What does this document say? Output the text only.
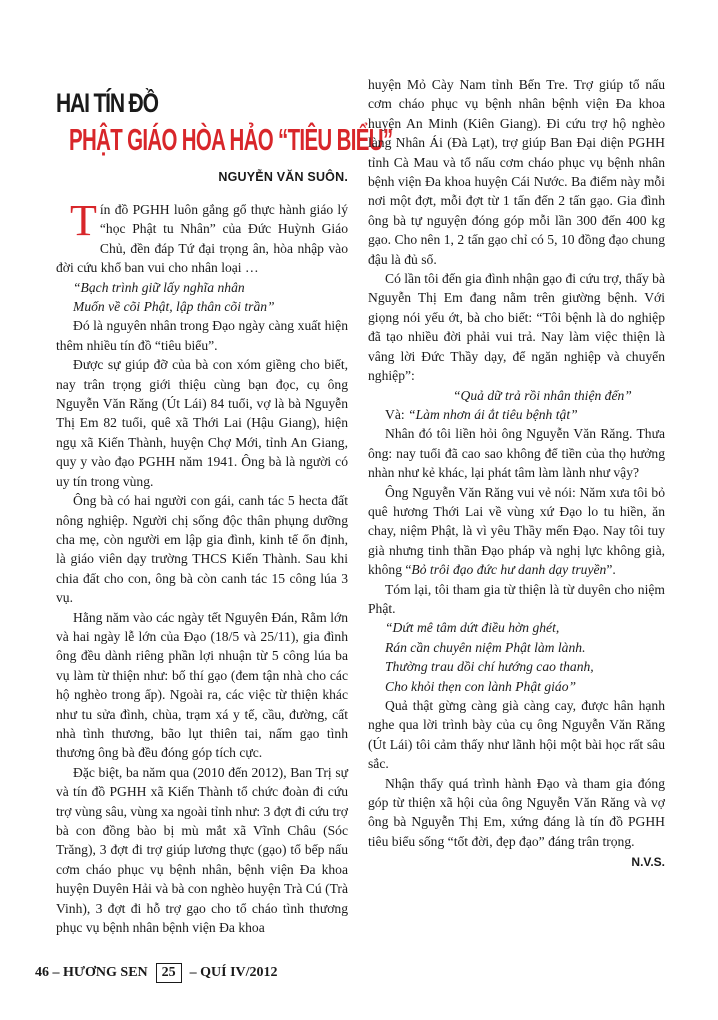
HAI TÍN ĐỒ
PHẬT GIÁO HÒA HẢO “TIÊU BIỂU”
NGUYỄN VĂN SUÔN.
T ín đồ PGHH luôn gắng gổ thực hành giáo lý “học Phật tu Nhân” của Đức Huỳnh Giáo Chủ, đền đáp Tứ đại trọng ân, hòa nhập vào đời cứu khổ ban vui cho nhân loại …

“Bạch trình giữ lấy nghĩa nhân

Muốn về cõi Phật, lập thân cõi trần”

Đó là nguyên nhân trong Đạo ngày càng xuất hiện thêm nhiều tín đồ “tiêu biểu”.

Được sự giúp đỡ của bà con xóm giềng cho biết, nay trân trọng giới thiệu cùng bạn đọc, cụ ông Nguyễn Văn Răng (Út Lái) 84 tuổi, vợ là bà Nguyễn Thị Em 82 tuổi, quê xã Thới Lai (Hậu Giang), hiện ngụ xã Kiến Thành, huyện Chợ Mới, tỉnh An Giang, quy y vào đạo PGHH năm 1941. Ông bà là người có uy tín trong vùng.

Ông bà có hai người con gái, canh tác 5 hecta đất nông nghiệp. Người chị sống độc thân phụng dưỡng cha mẹ, còn người em lập gia đình, kinh tế ổn định, là giáo viên dạy trường THCS Kiến Thành. Sau khi chia đất cho con, ông bà còn canh tác 15 công lúa 3 vụ.

Hằng năm vào các ngày tết Nguyên Đán, Rằm lớn và hai ngày lễ lớn của Đạo (18/5 và 25/11), gia đình ông đều dành riêng phần lợi nhuận từ 5 công lúa ba vụ làm từ thiện như: bố thí gạo (đem tận nhà cho các hộ nghèo trong ấp). Ngoài ra, các việc từ thiện khác như tu sửa đình, chùa, trạm xá y tế, cầu, đường, cất nhà tình thương, bão lụt thiên tai, nấm gạo tình thương ông bà đều đóng góp tích cực.

Đặc biệt, ba năm qua (2010 đến 2012), Ban Trị sự và tín đồ PGHH xã Kiến Thành tổ chức đoàn đi cứu trợ vùng sâu, vùng xa ngoài tỉnh như: 3 đợt đi cứu trợ bà con đồng bào bị mù mắt xã Vĩnh Châu (Sóc Trăng), 3 đợt đi trợ giúp lương thực (gạo) tổ bếp nấu cơm cháo phục vụ bệnh nhân, bệnh viện Đa khoa huyện Duyên Hải và bà con nghèo huyện Trà Cú (Trà Vinh), 3 đợt đi hỗ trợ gạo cho tổ cháo tình thương phục vụ bệnh nhân bệnh viện Đa khoa

huyện Mỏ Cày Nam tỉnh Bến Tre. Trợ giúp tổ nấu cơm cháo phục vụ bệnh nhân bệnh viện Đa khoa huyện An Minh (Kiên Giang). Đi cứu trợ hộ nghèo làng Nhân Ái (Đà Lạt), trợ giúp Ban Đại diện PGHH tỉnh Cà Mau và tổ nấu cơm cháo phục vụ bệnh nhân bệnh viện Đa khoa huyện Cái Nước. Ba điểm này mỗi nơi một đợt, mỗi đợt từ 1 tấn đến 2 tấn gạo. Gia đình ông bà tự nguyện đóng góp mỗi lần 300 đến 400 kg gạo. Cho nên 1, 2 tấn gạo chỉ có 5, 10 đồng đạo chung đậu là đủ số.

Có lần tôi đến gia đình nhận gạo đi cứu trợ, thấy bà Nguyễn Thị Em đang nằm trên giường bệnh. Với giọng nói yếu ớt, bà cho biết: “Tôi bệnh là do nghiệp đã tạo nhiều đời phải vui trả. Nay làm việc thiện là vâng lời Đức Thầy dạy, để ngăn nghiệp và chuyển nghiệp”:

“Quả dữ trả rồi nhân thiện đến”

Và: “Làm nhơn ái ắt tiêu bệnh tật”

Nhân đó tôi liền hỏi ông Nguyễn Văn Răng. Thưa ông: nay tuổi đã cao sao không để tiền của thọ hưởng nhàn như kẻ khác, lại phát tâm làm lành như vậy?

Ông Nguyễn Văn Răng vui vẻ nói: Năm xưa tôi bỏ quê hương Thới Lai về vùng xứ Đạo lo tu hiền, ăn chay, niệm Phật, là vì yêu Thầy mến Đạo. Nay tôi tuy già nhưng tinh thần Đạo pháp và nghị lực không già, không “Bỏ trôi đạo đức hư danh dạy truyền”.

Tóm lại, tôi tham gia từ thiện là từ duyên cho niệm Phật.

“Dứt mê tâm dứt điều hờn ghét,

Rán cần chuyên niệm Phật làm lành.

Thường trau dồi chí hướng cao thanh,

Cho khỏi thẹn con lành Phật giáo”

Quả thật gừng càng già càng cay, được hân hạnh nghe qua lời trình bày của cụ ông Nguyễn Văn Răng (Út Lái) tôi cảm thấy như lãnh hội một bài học rất sâu sắc.

Nhận thấy quá trình hành Đạo và tham gia đóng góp từ thiện xã hội của ông Nguyễn Văn Răng và vợ ông bà Nguyễn Thị Em, xứng đáng là tín đồ PGHH tiêu biểu sống “tốt đời, đẹp đạo” đáng trân trọng.

N.V.S.
46 – HƯƠNG SEN	25	– QUÍ IV/2012
